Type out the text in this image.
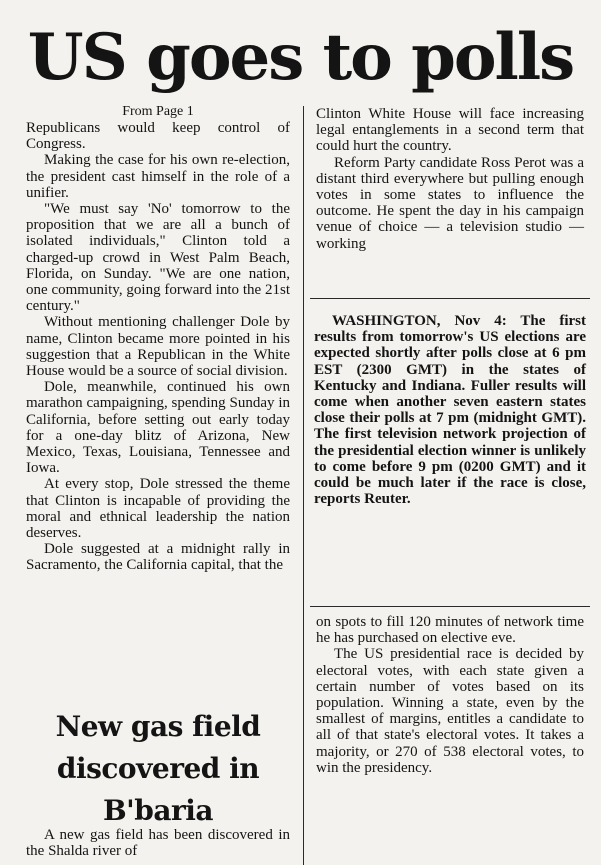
US goes to polls

From Page 1

Republicans would keep control of Congress.

Making the case for his own re-election, the president cast himself in the role of a unifier.

"We must say 'No' tomorrow to the proposition that we are all a bunch of isolated individuals," Clinton told a charged-up crowd in West Palm Beach, Florida, on Sunday. "We are one nation, one community, going forward into the 21st century."

Without mentioning challenger Dole by name, Clinton became more pointed in his suggestion that a Republican in the White House would be a source of social division.

Dole, meanwhile, continued his own marathon campaigning, spending Sunday in California, before setting out early today for a one-day blitz of Arizona, New Mexico, Texas, Louisiana, Tennessee and Iowa.

At every stop, Dole stressed the theme that Clinton is incapable of providing the moral and ethnical leadership the nation deserves.

Dole suggested at a midnight rally in Sacramento, the California capital, that the

Clinton White House will face increasing legal entanglements in a second term that could hurt the country.

Reform Party candidate Ross Perot was a distant third everywhere but pulling enough votes in some states to influence the outcome. He spent the day in his campaign venue of choice — a television studio — working

WASHINGTON, Nov 4: The first results from tomorrow's US elections are expected shortly after polls close at 6 pm EST (2300 GMT) in the states of Kentucky and Indiana. Fuller results will come when another seven eastern states close their polls at 7 pm (midnight GMT). The first television network projection of the presidential election winner is unlikely to come before 9 pm (0200 GMT) and it could be much later if the race is close, reports Reuter.

on spots to fill 120 minutes of network time he has purchased on elective eve.

The US presidential race is decided by electoral votes, with each state given a certain number of votes based on its population. Winning a state, even by the smallest of margins, entitles a candidate to all of that state's electoral votes. It takes a majority, or 270 of 538 electoral votes, to win the presidency.

New gas field discovered in B'baria

A new gas field has been discovered in the Shalda river of
